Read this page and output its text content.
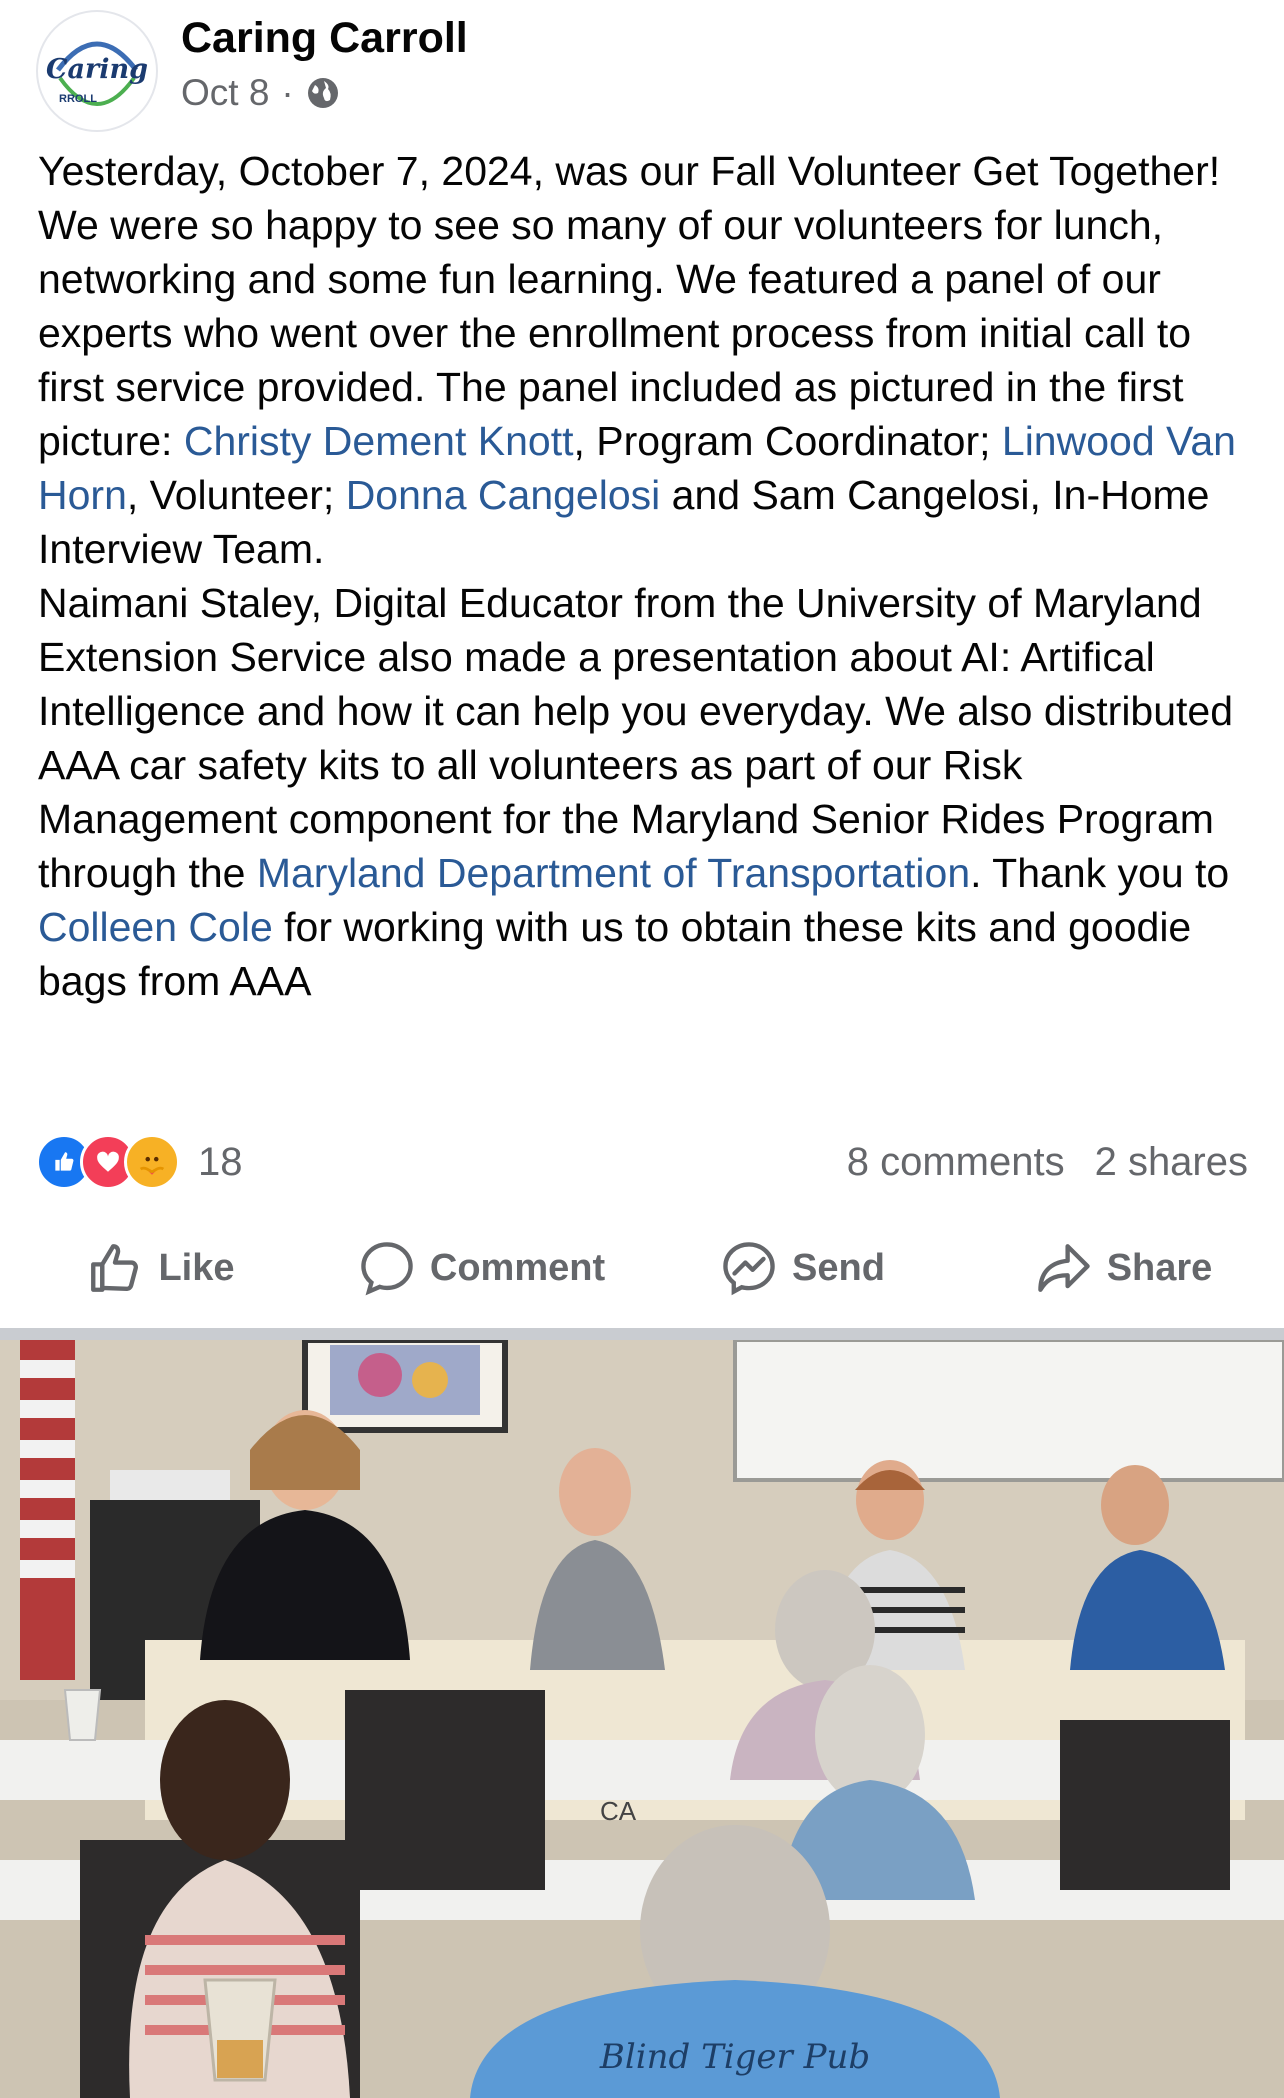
Caring
RROLL
Caring Carroll
Oct 8 ·
Yesterday, October 7, 2024, was our Fall Volunteer Get Together! We were so happy to see so many of our volunteers for lunch, networking and some fun learning. We featured a panel of our experts who went over the enrollment process from initial call to first service provided. The panel included as pictured in the first picture: Christy Dement Knott, Program Coordinator; Linwood Van Horn, Volunteer; Donna Cangelosi and Sam Cangelosi, In-Home Interview Team.
Naimani Staley, Digital Educator from the University of Maryland Extension Service also made a presentation about AI: Artifical Intelligence and how it can help you everyday. We also distributed AAA car safety kits to all volunteers as part of our Risk Management component for the Maryland Senior Rides Program through the Maryland Department of Transportation. Thank you to Colleen Cole for working with us to obtain these kits and goodie bags from AAA
18	8 comments 2 shares
Like	Comment	Send	Share
Blind Tiger Pub
CA
